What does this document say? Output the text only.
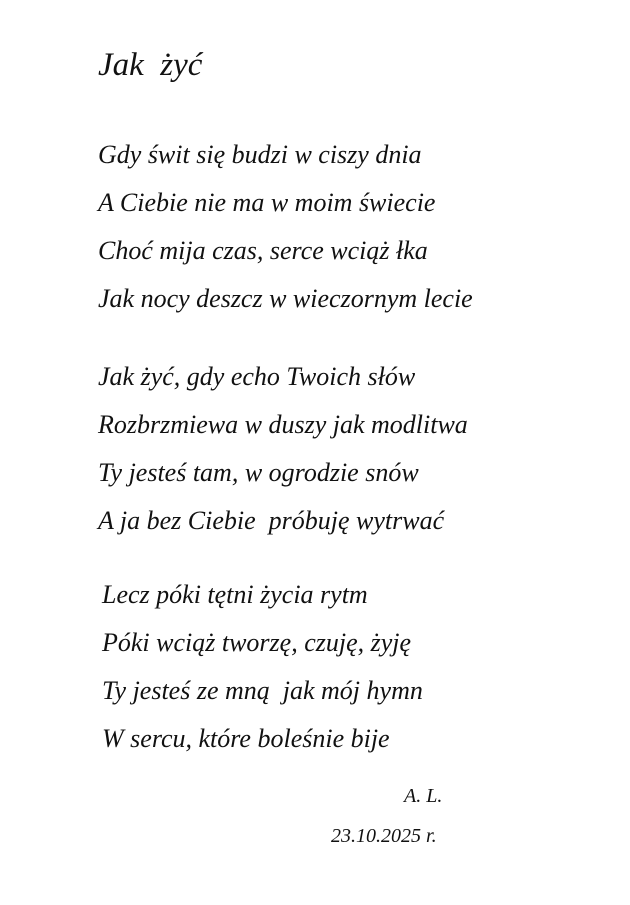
Jak  żyć
Gdy świt się budzi w ciszy dnia
A Ciebie nie ma w moim świecie
Choć mija czas, serce wciąż łka
Jak nocy deszcz w wieczornym lecie
Jak żyć, gdy echo Twoich słów
Rozbrzmiewa w duszy jak modlitwa
Ty jesteś tam, w ogrodzie snów
A ja bez Ciebie  próbuję wytrwać
Lecz póki tętni życia rytm
Póki wciąż tworzę, czuję, żyję
Ty jesteś ze mną  jak mój hymn
W sercu, które boleśnie bije
A. L.
23.10.2025 r.
